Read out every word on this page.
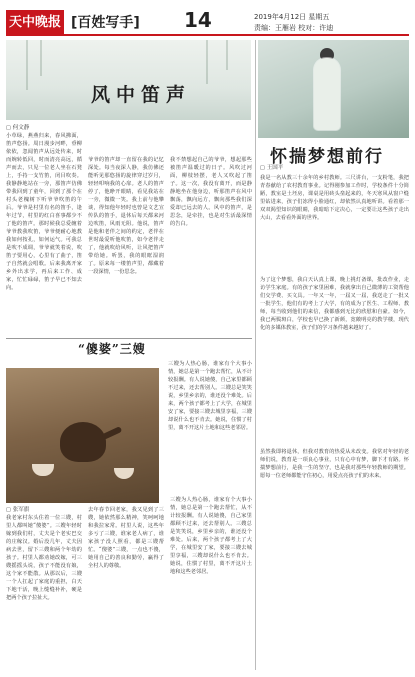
天中晚报 [百姓写手] 14	2019年4月12日 星期五
责编：王雁岩 校对：许迪
风中笛声
□ 何文静
小草绿，燕燕归来，春风拂面，笛声悠扬。周日漫步河畔，垂柳依依，忽闻笛声从远处传来，时而婉转低回，时而清亮高远，循声而去，只见一位老人坐在石凳上，手持一支竹笛，闭目吹奏。我静静地站在一旁，那笛声仿佛带我回到了童年，回到了那个在村头老槐树下听爷爷吹笛的午后。爷爷是村里有名的笛手，逢年过节，村里的红白喜事都少不了他的笛声。那时候我总爱缠着爷爷教我吹笛，爷爷便耐心地教我如何按孔，如何运气。可我总是吹不成调，爷爷就笑着说，吹笛子要用心，心里有了曲子，笛子自然就会唱歌。后来我离开家乡外出求学，再后来工作、成家，忙忙碌碌，笛子早已不知去向。
爷爷的笛声却一直留在我的记忆深处。每当夜深人静，我仿佛还能听见那悠扬的旋律穿过岁月，轻轻叩响我的心扉。老人的笛声停了，他睁开眼睛，看见我站在一旁，微微一笑。我上前与他攀谈，得知他年轻时也曾是文艺宣传队的笛手，退休后每天都来河边吹笛，风雨无阻。他说，笛声是他和老伴之间的约定，老伴在世时最爱听他吹笛，如今老伴走了，他就吹给风听，让风把笛声带给她。听罢，我的眼眶湿润了。原来每一缕笛声里，都藏着一段深情，一份思念。
我不禁想起自己的爷爷，想起那些被笛声温暖过的日子。风吹过河面，柳枝轻摆，老人又吹起了笛子。这一次，我没有离开，而是静静地坐在他身边，听那笛声在风中飘荡，飘向远方，飘向那些我们深爱却已远去的人。风中的笛声，是思念，是牵挂，也是对生活最深情的告白。
怀揣梦想前行
□ 王国平
我是一名从教三十余年的乡村教师。三尺讲台，一支粉笔，我把青春献给了农村教育事业。记得刚参加工作时，学校条件十分简陋，教室是土坯房，课桌是用砖头垒起来的，冬天寒风从窗户缝里钻进来，孩子们冻得小脸通红，却依然认真地听讲。看着那一双双渴望知识的眼睛，我暗暗下定决心，一定要让这些孩子走出大山，去看看外面的世界。
为了这个梦想，我白天认真上课，晚上挑灯备课，批改作业，走访学生家庭。有的孩子家里困难，我就拿出自己微薄的工资帮他们交学费、买文具。一年又一年，一届又一届，我送走了一批又一批学生，他们有的考上了大学，有的成为了医生、工程师、教师，每当收到他们的来信，我都感到无比的欣慰和自豪。如今，我已两鬓斑白，学校也早已换了新颜，宽敞明亮的教学楼，现代化的多媒体教室，孩子们的学习条件越来越好了。
虽然我即将退休，但我对教育的热爱从未改变。我常对年轻的老师们说，教育是一项良心事业，只有心中有梦，脚下才有路。怀揣梦想前行，是我一生的坚守，也是我对那些年轻教师的期望。愿每一位老师都能守住初心，用爱点亮孩子们的未来。
“傻婆”三嫂
三嫂为人热心肠，谁家有个大事小情，她总是第一个跑去帮忙，从不计较报酬。有人说她傻，自己家里都顾不过来，还去帮别人。三嫂总是笑笑说，乡里乡亲的，谁还没个难处。后来，两个孩子都考上了大学，在城里安了家，要接三嫂去城里享福，三嫂却说什么也不肯去。她说，住惯了村里，离不开这片土地和这些老邻居。
□ 张军旗
我老家村东头住着一位三嫂，村里人都叫她“傻婆”。三嫂年轻时嫁到我们村，丈夫是个老实巴交的庄稼汉。婚后没几年，丈夫因病去世，留下三嫂和两个年幼的孩子。村里人都劝她改嫁，可三嫂摇摇头说，孩子不能没有娘，这个家不能散。从那以后，三嫂一个人扛起了家庭的重担，白天下地干活，晚上缝缝补补，硬是把两个孩子拉扯大。
去年春节回老家，我又见到了三嫂，她依然那么精神，笑呵呵地和我拉家常。村里人说，这些年多亏了三嫂，谁家老人病了，谁家孩子没人照看，都是三嫂帮忙。“傻婆”三嫂，一点也不傻，她用自己的善良和勤劳，赢得了全村人的尊敬。
三嫂为人热心肠，谁家有个大事小情，她总是第一个跑去帮忙，从不计较报酬。有人说她傻，自己家里都顾不过来，还去帮别人。三嫂总是笑笑说，乡里乡亲的，谁还没个难处。后来，两个孩子都考上了大学，在城里安了家，要接三嫂去城里享福，三嫂却说什么也不肯去。她说，住惯了村里，离不开这片土地和这些老邻居。
